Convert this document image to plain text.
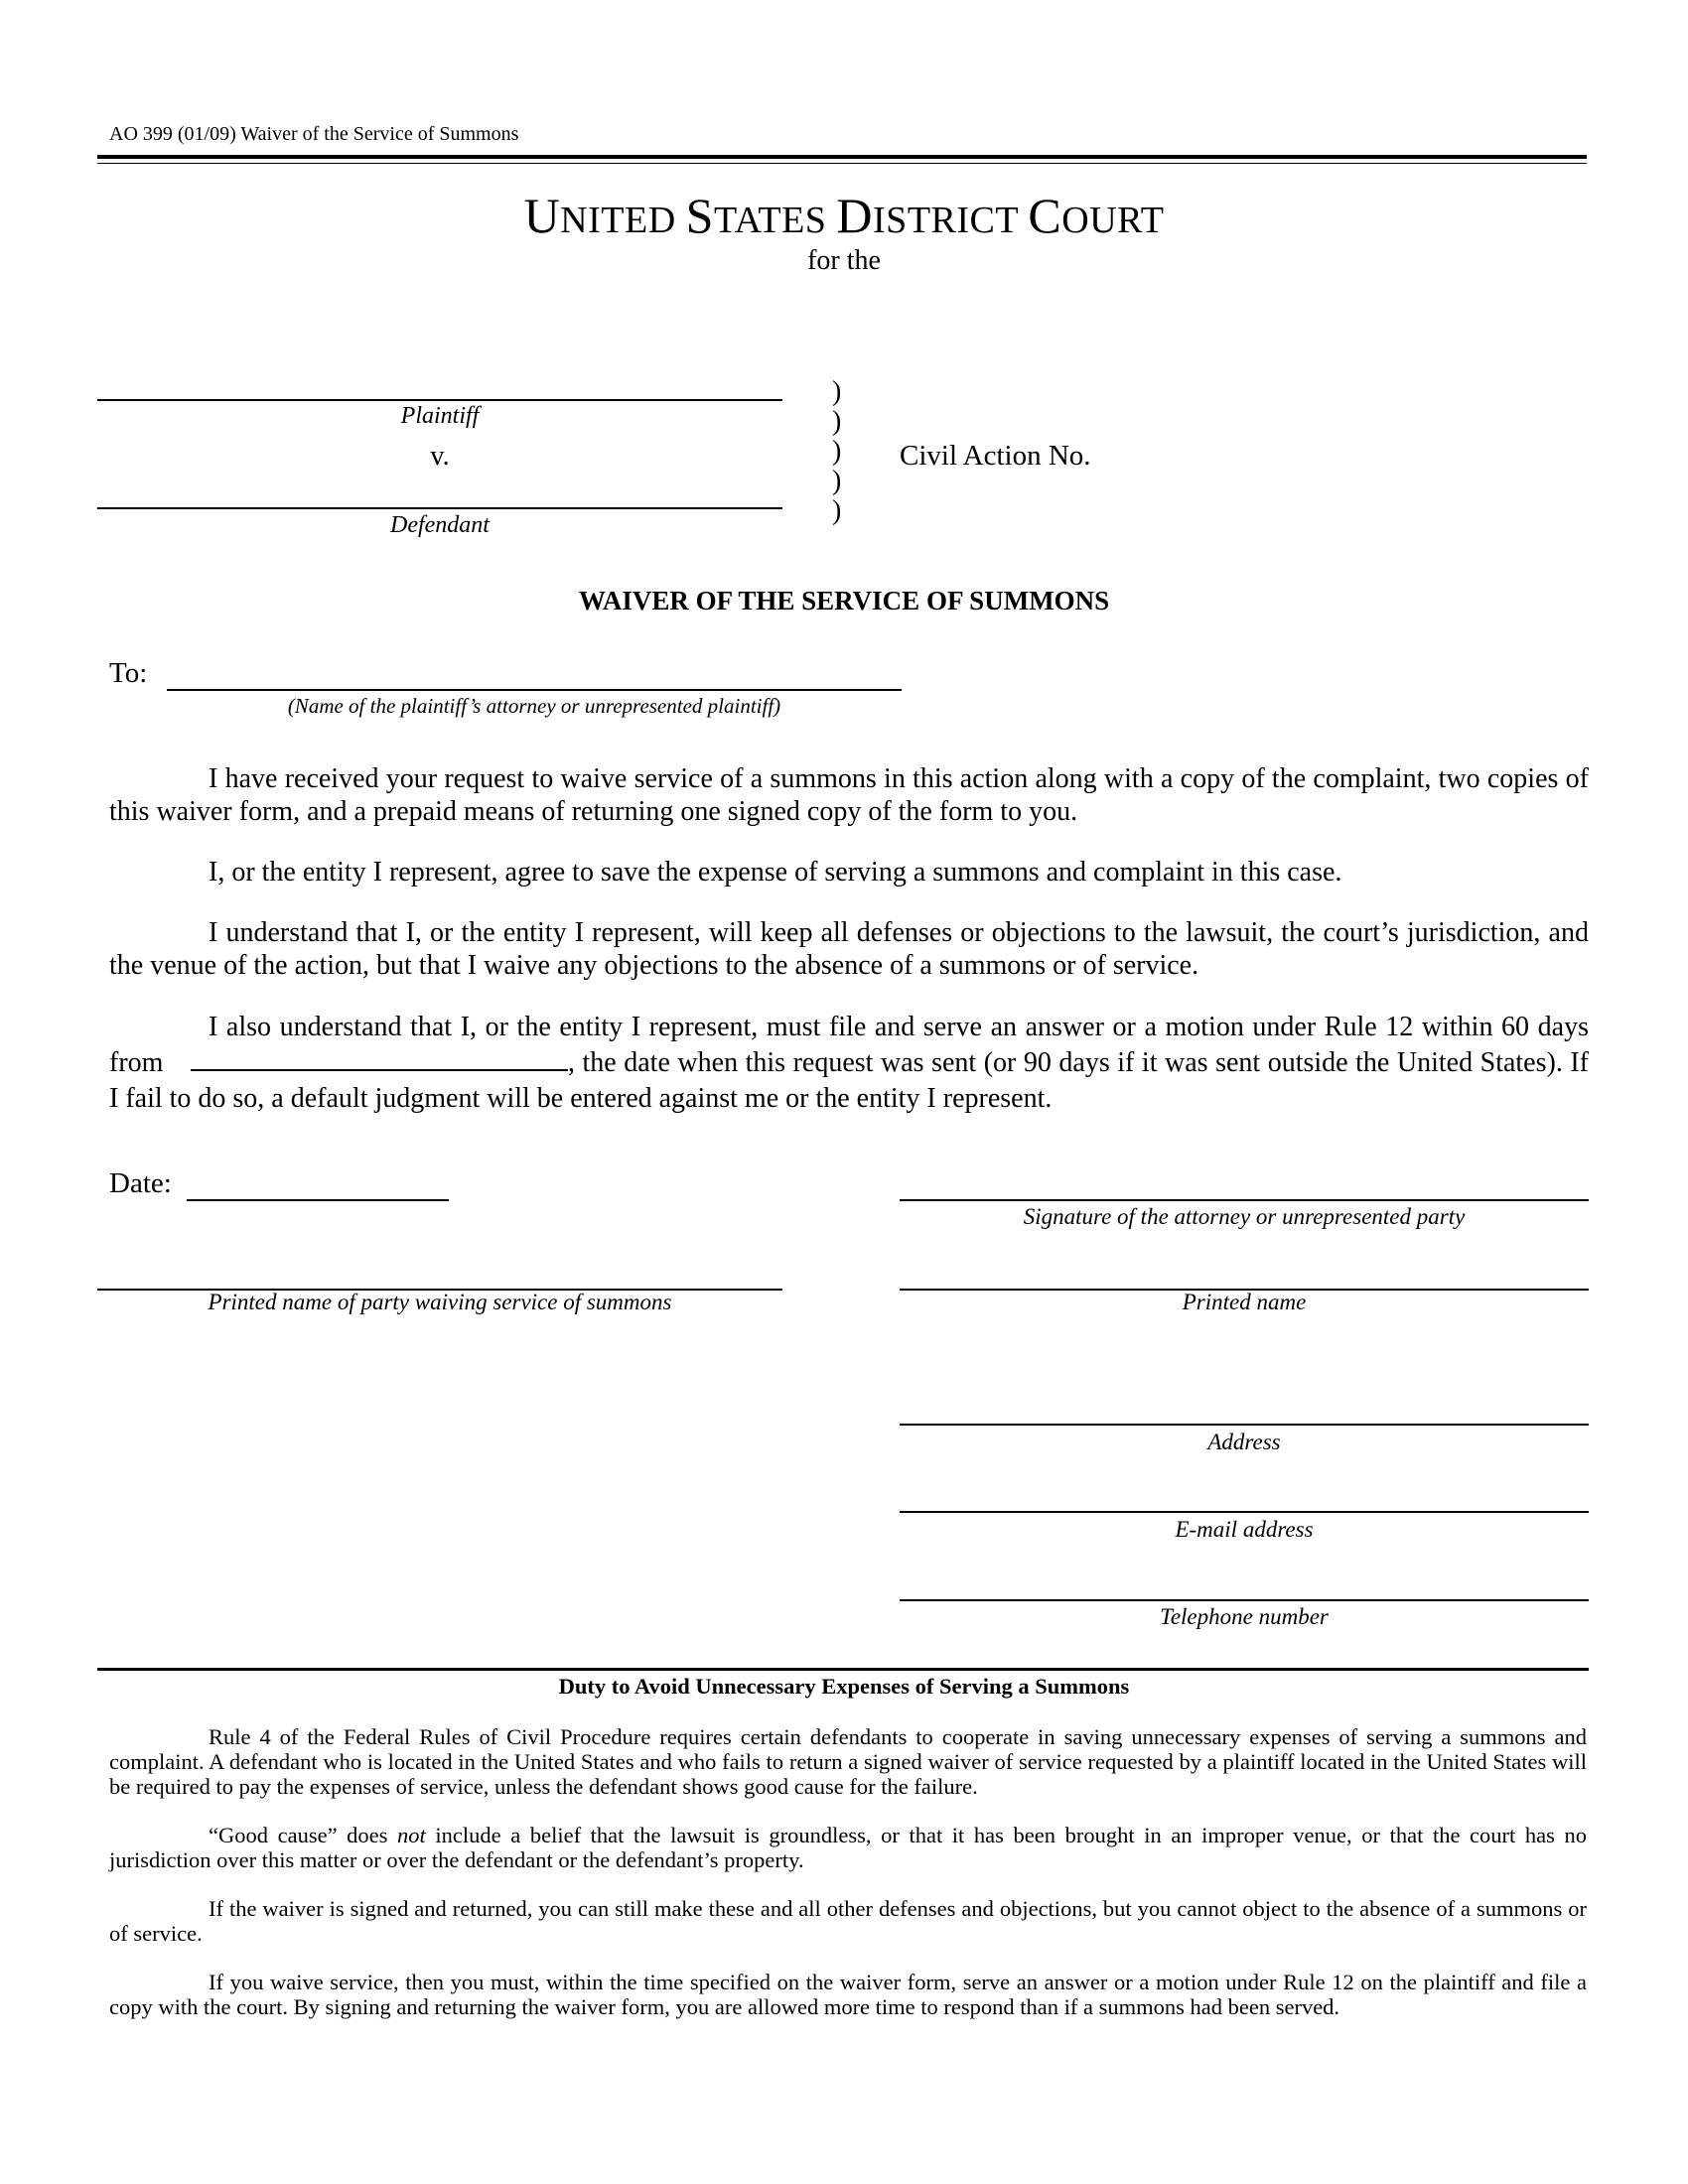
AO 399 (01/09) Waiver of the Service of Summons
UNITED STATES DISTRICT COURT
for the
Plaintiff
v.
Defendant
)
)
)
)
)
Civil Action No.
WAIVER OF THE SERVICE OF SUMMONS
To:
(Name of the plaintiff’s attorney or unrepresented plaintiff)

I have received your request to waive service of a summons in this action along with a copy of the complaint, two copies of this waiver form, and a prepaid means of returning one signed copy of the form to you.

I, or the entity I represent, agree to save the expense of serving a summons and complaint in this case.

I understand that I, or the entity I represent, will keep all defenses or objections to the lawsuit, the court’s jurisdiction, and the venue of the action, but that I waive any objections to the absence of a summons or of service.

I also understand that I, or the entity I represent, must file and serve an answer or a motion under Rule 12 within 60 days from	, the date when this request was sent (or 90 days if it was sent outside the United States). If I fail to do so, a default judgment will be entered against me or the entity I represent.

Date:
Signature of the attorney or unrepresented party
Printed name of party waiving service of summons	Printed name
Address
E-mail address
Telephone number
Duty to Avoid Unnecessary Expenses of Serving a Summons

Rule 4 of the Federal Rules of Civil Procedure requires certain defendants to cooperate in saving unnecessary expenses of serving a summons and complaint. A defendant who is located in the United States and who fails to return a signed waiver of service requested by a plaintiff located in the United States will be required to pay the expenses of service, unless the defendant shows good cause for the failure.

“Good cause” does not include a belief that the lawsuit is groundless, or that it has been brought in an improper venue, or that the court has no jurisdiction over this matter or over the defendant or the defendant’s property.

If the waiver is signed and returned, you can still make these and all other defenses and objections, but you cannot object to the absence of a summons or of service.

If you waive service, then you must, within the time specified on the waiver form, serve an answer or a motion under Rule 12 on the plaintiff and file a copy with the court. By signing and returning the waiver form, you are allowed more time to respond than if a summons had been served.
